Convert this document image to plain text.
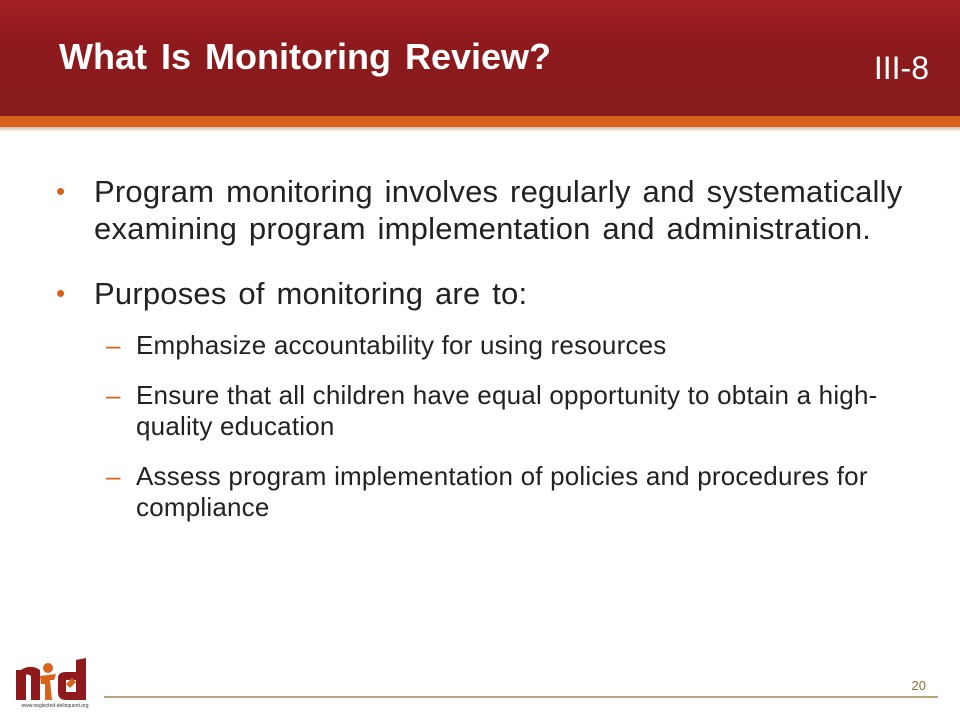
What Is Monitoring Review?	III-8
• Program monitoring involves regularly and systematically examining program implementation and administration.
• Purposes of monitoring are to:
– Emphasize accountability for using resources
– Ensure that all children have equal opportunity to obtain a high-quality education
– Assess program implementation of policies and procedures for compliance
www.neglected-delinquent.org
20
